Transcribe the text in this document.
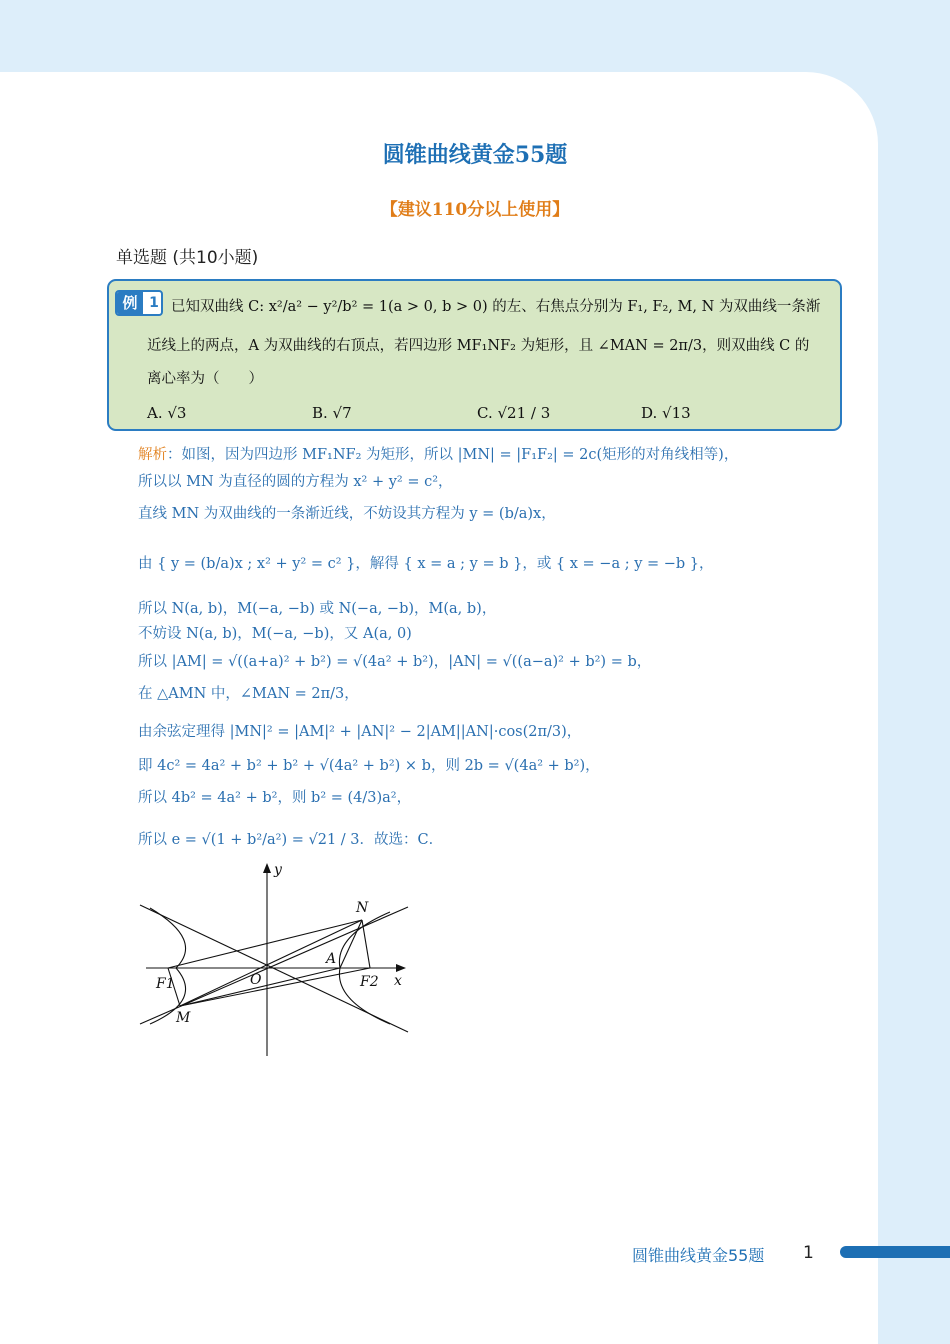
圆锥曲线黄金55题
【建议110分以上使用】
单选题 (共10小题)
例 1 已知双曲线 C: x²/a² − y²/b² = 1(a > 0, b > 0) 的左、右焦点分别为 F₁, F₂, M, N 为双曲线一条渐
近线上的两点，A 为双曲线的右顶点，若四边形 MF₁NF₂ 为矩形，且 ∠MAN = 2π/3，则双曲线 C 的
离心率为（　　）
A. √3	B. √7	C. √21 / 3	D. √13
解析：如图，因为四边形 MF₁NF₂ 为矩形，所以 |MN| = |F₁F₂| = 2c(矩形的对角线相等)，
所以以 MN 为直径的圆的方程为 x² + y² = c²，
直线 MN 为双曲线的一条渐近线，不妨设其方程为 y = (b/a)x，
由 { y = (b/a)x ; x² + y² = c² }，解得 { x = a ; y = b }，或 { x = −a ; y = −b }，
所以 N(a, b)，M(−a, −b) 或 N(−a, −b)，M(a, b)，
不妨设 N(a, b)，M(−a, −b)，又 A(a, 0)
所以 |AM| = √((a+a)² + b²) = √(4a² + b²)，|AN| = √((a−a)² + b²) = b，
在 △AMN 中，∠MAN = 2π/3，
由余弦定理得 |MN|² = |AM|² + |AN|² − 2|AM||AN|·cos(2π/3)，
即 4c² = 4a² + b² + b² + √(4a² + b²) × b，则 2b = √(4a² + b²)，
所以 4b² = 4a² + b²，则 b² = (4/3)a²，
所以 e = √(1 + b²/a²) = √21 / 3．故选：C．
y
x
O
F1	F2
M
N
A
圆锥曲线黄金55题 1
